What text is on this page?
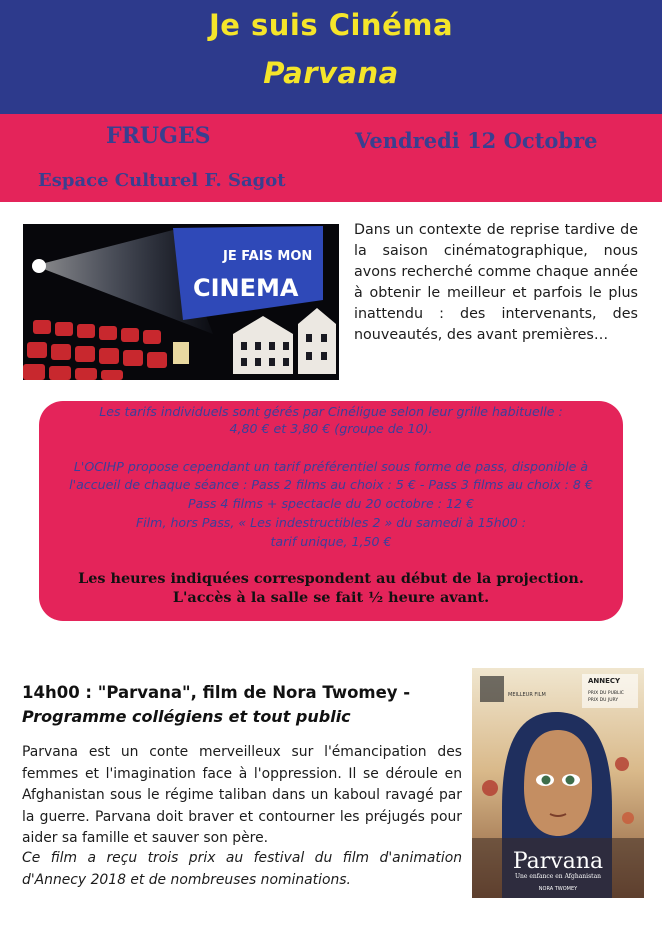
Je suis Cinéma
Parvana
FRUGES	Vendredi 12 Octobre
Espace Culturel F. Sagot
JE FAIS MON
CINEMA
Dans un contexte de reprise tardive de la saison cinématographique, nous avons recherché comme chaque année à obtenir le meilleur et parfois le plus inattendu : des intervenants, des nouveautés, des avant premières…
Les tarifs individuels sont gérés par Cinéligue selon leur grille habituelle :
4,80 € et 3,80 € (groupe de 10).
L'OCIHP propose cependant un tarif préférentiel sous forme de pass, disponible à
l'accueil de chaque séance : Pass 2 films au choix : 5 € - Pass 3 films au choix : 8 €
Pass 4 films + spectacle du 20 octobre : 12 €
Film, hors Pass, « Les indestructibles 2 » du samedi à 15h00 :
tarif unique, 1,50 €
Les heures indiquées correspondent au début de la projection.
L'accès à la salle se fait ½ heure avant.
14h00 : "Parvana", film de Nora Twomey -
Programme collégiens et tout public
Parvana est un conte merveilleux sur l'émancipation des femmes et l'imagination face à l'oppression. Il se déroule en Afghanistan sous le régime taliban dans un kaboul ravagé par la guerre. Parvana doit braver et contourner les préjugés pour aider sa famille et sauver son père.
Ce film a reçu trois prix au festival du film d'animation d'Annecy 2018 et de nombreuses nominations.
ANNECY
PRIX DU PUBLIC
PRIX DU JURY
MEILLEUR FILM
Parvana
Une enfance en Afghanistan
NORA TWOMEY
